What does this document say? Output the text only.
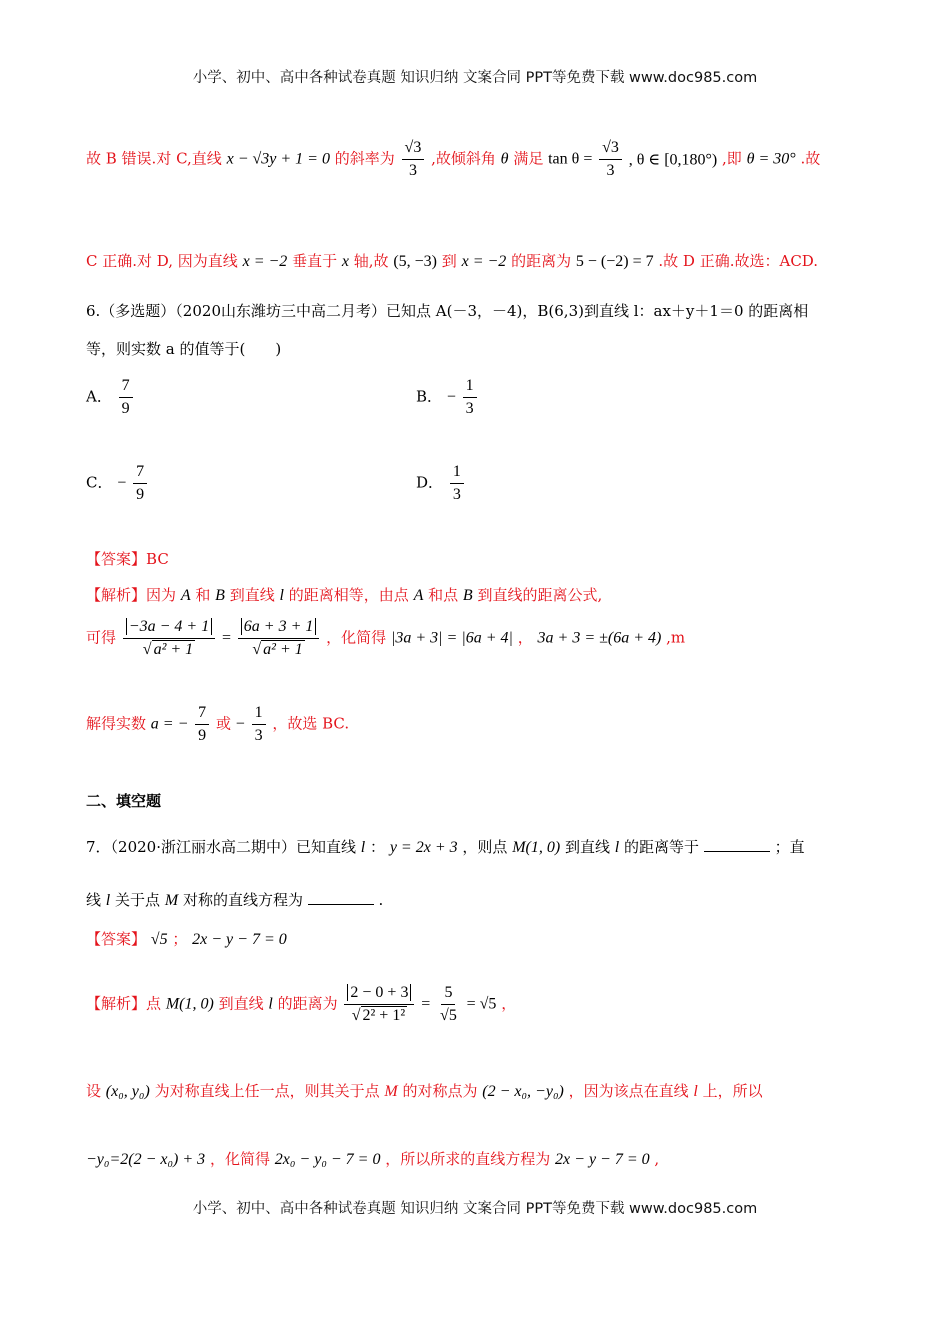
小学、初中、高中各种试卷真题 知识归纳 文案合同 PPT等免费下载 www.doc985.com
故 B 错误.对 C,直线 x − √3y + 1 = 0 的斜率为 $\frac{√3}{3}$ ,故倾斜角 θ 满足 $\tan \theta = \frac{√3}{3}$ , θ ∈ [0,180°) ,即 θ = 30° .故
C 正确.对 D, 因为直线 x = −2 垂直于 x 轴,故 (5, −3) 到 x = −2 的距离为 5 − (−2) = 7 .故 D 正确.故选：ACD.
6.（多选题）（2020山东潍坊三中高二月考）已知点 A(－3，－4)，B(6,3)到直线 l：ax＋y＋1＝0 的距离相
等，则实数 a 的值等于(　　)
A． $\frac{7}{9}$	B． − $\frac{1}{3}$
C． − $\frac{7}{9}$	D． $\frac{1}{3}$
【答案】BC
【解析】因为 A 和 B 到直线 l 的距离相等，由点 A 和点 B 到直线的距离公式,
可得 $\frac{-3a - 4 + 1}{\text{√ a² + 1}} = \frac{6a + 3 + 1}{\text{√ a² + 1}}$ ，化简得 |3a + 3| = |6a + 4| ， 3a + 3 = ±(6a + 4) ,m
解得实数 a = − $\frac{7}{9}$ 或 − $\frac{1}{3}$ ，故选 BC.
二、填空题
7．（2020·浙江丽水高二期中）已知直线 l ： y = 2x + 3 ，则点 M(1, 0) 到直线 l 的距离等于	；直
线 l 关于点 M 对称的直线方程为	.
【答案】 √5 ； 2x − y − 7 = 0
【解析】点 M(1, 0) 到直线 l 的距离为 $\frac{2 - 0 + 3}{\text{√ 2² + 1²}} = \frac{5}{√5} = √5$ ，
设 (x₀, y₀) 为对称直线上任一点，则其关于点 M 的对称点为 (2 − x₀, −y₀) ，因为该点在直线 l 上，所以
−y₀=2(2 − x₀) + 3 ，化简得 2x₀ − y₀ − 7 = 0 ，所以所求的直线方程为 2x − y − 7 = 0 ,
小学、初中、高中各种试卷真题 知识归纳 文案合同 PPT等免费下载 www.doc985.com
